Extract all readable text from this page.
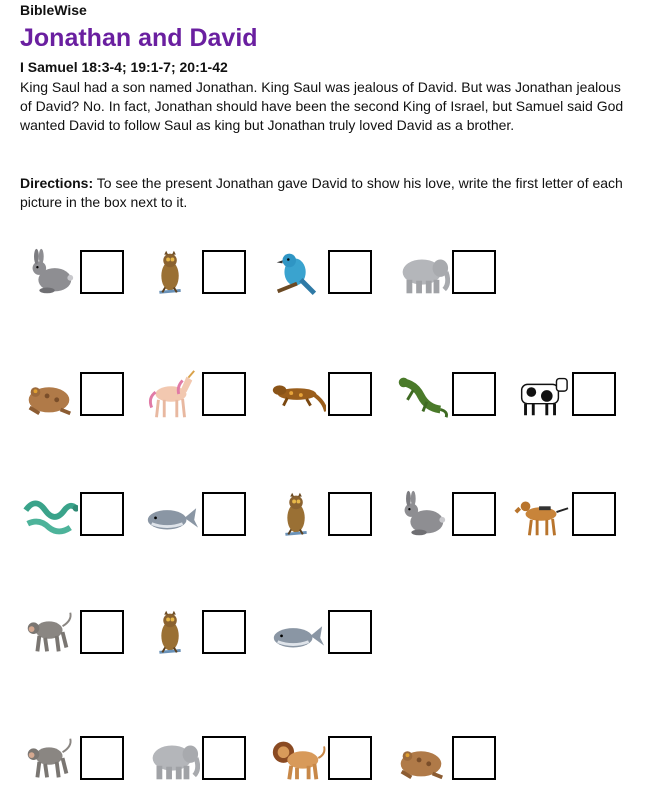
BibleWise
Jonathan and David
I Samuel 18:3-4; 19:1-7; 20:1-42

King Saul had a son named Jonathan. King Saul was jealous of David. But was Jonathan jealous of David? No. In fact, Jonathan should have been the second King of Israel, but Samuel said God wanted David to follow Saul as king but Jonathan truly loved David as a brother.

Directions: To see the present Jonathan gave David to show his love, write the first letter of each picture in the box next to it.
